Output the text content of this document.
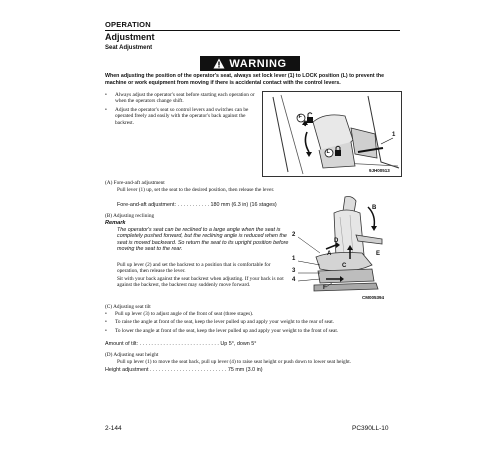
OPERATION
Adjustment
Seat Adjustment
WARNING
When adjusting the position of the operator's seat, always set lock lever (1) to LOCK position (L) to prevent the machine or work equipment from moving if there is accidental contact with the control levers.
• Always adjust the operator's seat before starting each operation or when the operators change shift.
• Adjust the operator's seat so control levers and switches can be operated freely and easily with the operator's back against the backrest.
F
L
1
9JH00513
(A) Fore-and-aft adjustment
Pull lever (1) up, set the seat to the desired position, then release the lever.
Fore-and-aft adjustment: . . . . . . . . . . . 180 mm (6.3 in) (16 stages)
(B) Adjusting reclining
Remark
The operator's seat can be reclined to a large angle when the seat is completely pushed forward, but the reclining angle is reduced when the seat is moved backward. So return the seat to its upright position before moving the seat to the rear.
Pull up lever (2) and set the backrest to a position that is comfortable for operation, then release the lever.
Sit with your back against the seat backrest when adjusting. If your back is not against the backrest, the backrest may suddenly move forward.
B
D
A	E
C
F
2
1
3
4
CM005394
(C) Adjusting seat tilt
• Pull up lever (3) to adjust angle of the front of seat (three stages).
• To raise the angle at front of the seat, keep the lever pulled up and apply your weight to the rear of seat.
• To lower the angle at front of the seat, keep the lever pulled up and apply your weight to the front of seat.
Amount of tilt: . . . . . . . . . . . . . . . . . . . . . . . . . . . Up 5°, down 5°
(D) Adjusting seat height
Pull up lever (1) to move the seat back, pull up lever (4) to raise seat height or push down to lower seat height.
Height adjustment . . . . . . . . . . . . . . . . . . . . . . . . . . 75 mm (3.0 in)
2-144	PC390LL-10
